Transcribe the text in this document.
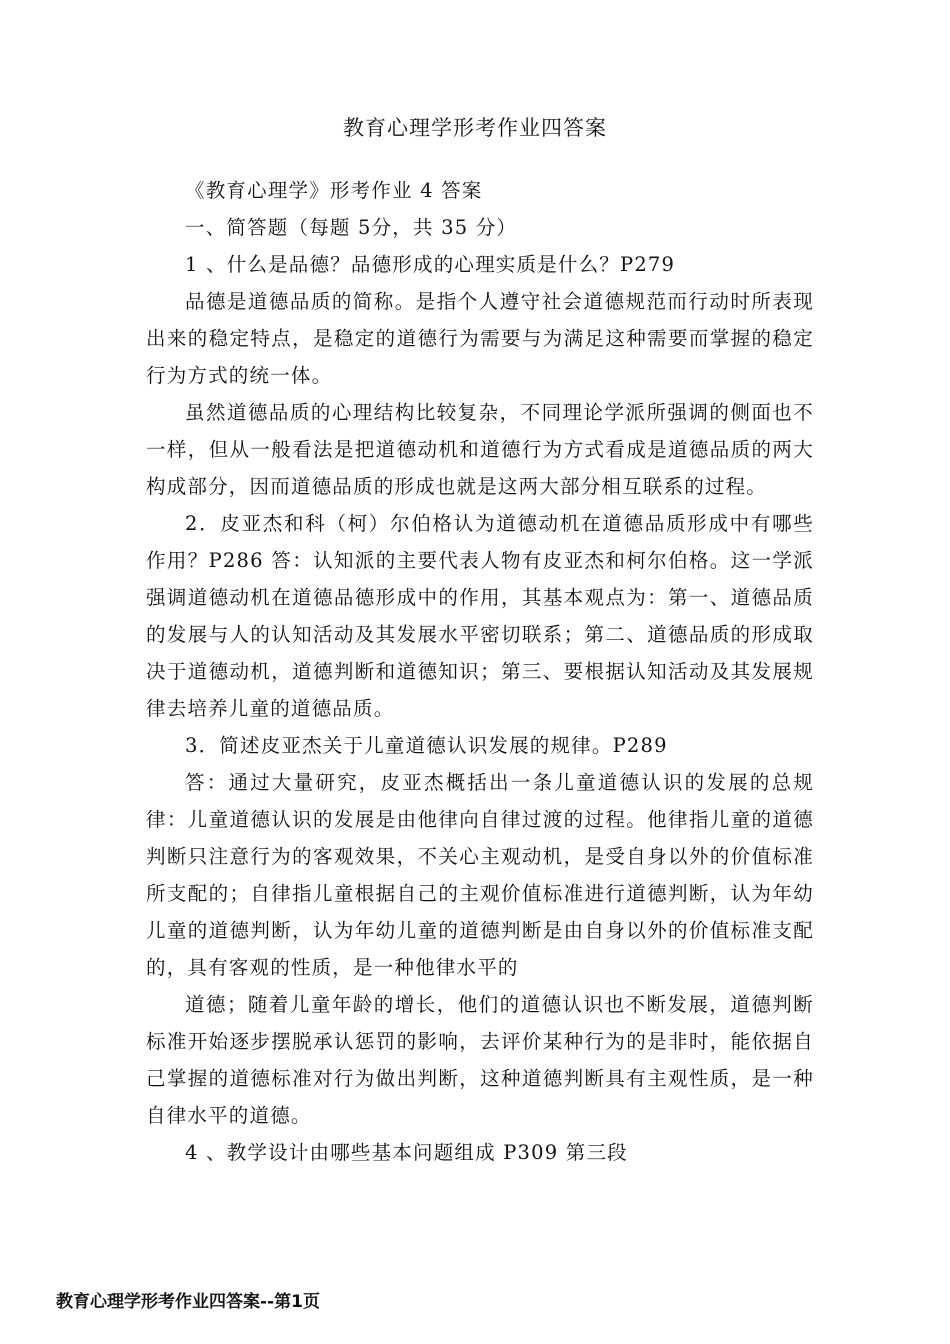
教育心理学形考作业四答案

《教育心理学》形考作业 4 答案

一、简答题（每题 5分，共 35 分）

1 、什么是品德？品德形成的心理实质是什么？P279

品德是道德品质的简称。是指个人遵守社会道德规范而行动时所表现出来的稳定特点，是稳定的道德行为需要与为满足这种需要而掌握的稳定行为方式的统一体。

虽然道德品质的心理结构比较复杂，不同理论学派所强调的侧面也不一样，但从一般看法是把道德动机和道德行为方式看成是道德品质的两大构成部分，因而道德品质的形成也就是这两大部分相互联系的过程。

2．皮亚杰和科（柯）尔伯格认为道德动机在道德品质形成中有哪些作用？P286 答：认知派的主要代表人物有皮亚杰和柯尔伯格。这一学派强调道德动机在道德品德形成中的作用，其基本观点为：第一、道德品质的发展与人的认知活动及其发展水平密切联系；第二、道德品质的形成取决于道德动机，道德判断和道德知识；第三、要根据认知活动及其发展规律去培养儿童的道德品质。

3．简述皮亚杰关于儿童道德认识发展的规律。P289

答：通过大量研究，皮亚杰概括出一条儿童道德认识的发展的总规律：儿童道德认识的发展是由他律向自律过渡的过程。他律指儿童的道德判断只注意行为的客观效果，不关心主观动机，是受自身以外的价值标准所支配的；自律指儿童根据自己的主观价值标准进行道德判断，认为年幼儿童的道德判断，认为年幼儿童的道德判断是由自身以外的价值标准支配的，具有客观的性质，是一种他律水平的

道德；随着儿童年龄的增长，他们的道德认识也不断发展，道德判断标准开始逐步摆脱承认惩罚的影响，去评价某种行为的是非时，能依据自己掌握的道德标准对行为做出判断，这种道德判断具有主观性质，是一种自律水平的道德。

4 、教学设计由哪些基本问题组成 P309 第三段

教育心理学形考作业四答案--第1页
